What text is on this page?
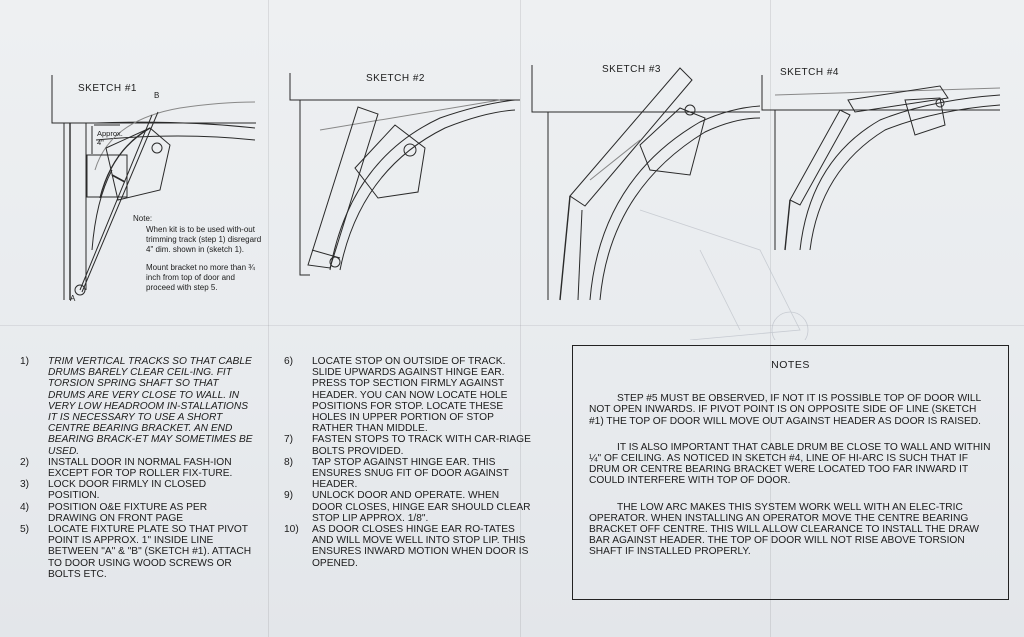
SKETCH #1
SKETCH #2
SKETCH #3	SKETCH #4
B
A
Approx.
4"

Note:

When kit is to be used with-out trimming track (step 1) disregard 4" dim. shown in (sketch 1).

Mount bracket no more than ¾ inch from top of door and proceed with step 5.

1)	TRIM VERTICAL TRACKS SO THAT CABLE DRUMS BARELY CLEAR CEIL-ING. FIT TORSION SPRING SHAFT SO THAT DRUMS ARE VERY CLOSE TO WALL. IN VERY LOW HEADROOM IN-STALLATIONS IT IS NECESSARY TO USE A SHORT CENTRE BEARING BRACKET. AN END BEARING BRACK-ET MAY SOMETIMES BE USED.
2)	INSTALL DOOR IN NORMAL FASH-ION EXCEPT FOR TOP ROLLER FIX-TURE.
3)	LOCK DOOR FIRMLY IN CLOSED POSITION.
4)	POSITION O&E FIXTURE AS PER DRAWING ON FRONT PAGE
5)	LOCATE FIXTURE PLATE SO THAT PIVOT POINT IS APPROX. 1" INSIDE LINE BETWEEN "A" & "B" (SKETCH #1). ATTACH TO DOOR USING WOOD SCREWS OR BOLTS ETC.
6)	LOCATE STOP ON OUTSIDE OF TRACK. SLIDE UPWARDS AGAINST HINGE EAR. PRESS TOP SECTION FIRMLY AGAINST HEADER. YOU CAN NOW LOCATE HOLE POSITIONS FOR STOP. LOCATE THESE HOLES IN UPPER PORTION OF STOP RATHER THAN MIDDLE.
7)	FASTEN STOPS TO TRACK WITH CAR-RIAGE BOLTS PROVIDED.
8)	TAP STOP AGAINST HINGE EAR. THIS ENSURES SNUG FIT OF DOOR AGAINST HEADER.
9)	UNLOCK DOOR AND OPERATE. WHEN DOOR CLOSES, HINGE EAR SHOULD CLEAR STOP LIP APPROX. 1/8".
10)	AS DOOR CLOSES HINGE EAR RO-TATES AND WILL MOVE WELL INTO STOP LIP. THIS ENSURES INWARD MOTION WHEN DOOR IS OPENED.
NOTES

STEP #5 MUST BE OBSERVED, IF NOT IT IS POSSIBLE TOP OF DOOR WILL NOT OPEN INWARDS. IF PIVOT POINT IS ON OPPOSITE SIDE OF LINE (SKETCH #1) THE TOP OF DOOR WILL MOVE OUT AGAINST HEADER AS DOOR IS RAISED.

IT IS ALSO IMPORTANT THAT CABLE DRUM BE CLOSE TO WALL AND WITHIN ¼" OF CEILING. AS NOTICED IN SKETCH #4, LINE OF HI-ARC IS SUCH THAT IF DRUM OR CENTRE BEARING BRACKET WERE LOCATED TOO FAR INWARD IT COULD INTERFERE WITH TOP OF DOOR.

THE LOW ARC MAKES THIS SYSTEM WORK WELL WITH AN ELEC-TRIC OPERATOR. WHEN INSTALLING AN OPERATOR MOVE THE CENTRE BEARING BRACKET OFF CENTRE. THIS WILL ALLOW CLEARANCE TO INSTALL THE DRAW BAR AGAINST HEADER. THE TOP OF DOOR WILL NOT RISE ABOVE TORSION SHAFT IF INSTALLED PROPERLY.
